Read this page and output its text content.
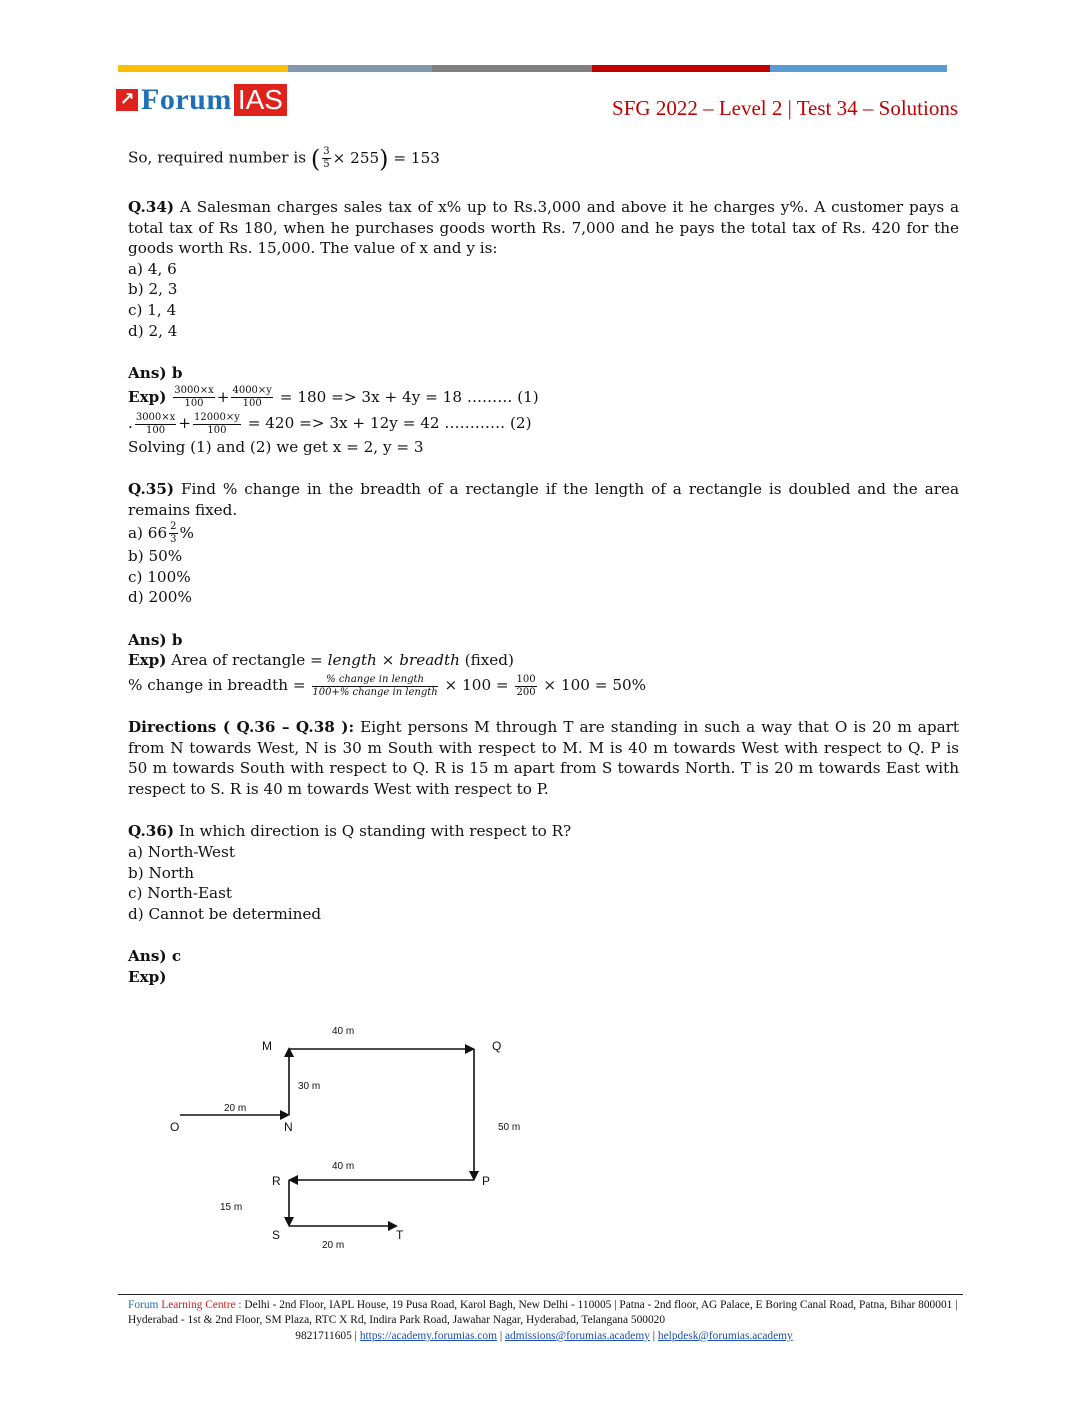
↗ Forum IAS	SFG 2022 – Level 2 | Test 34 – Solutions

So, required number is ( $\frac{3}{5} \times 255) = 153$

Q.34) A Salesman charges sales tax of x% up to Rs.3,000 and above it he charges y%. A customer pays a total tax of Rs 180, when he purchases goods worth Rs. 7,000 and he pays the total tax of Rs. 420 for the goods worth Rs. 15,000. The value of x and y is:

a) 4, 6

b) 2, 3

c) 1, 4

d) 2, 4

Ans) b

$Exp) \frac{3000\times x}{100} + \frac{4000\times y}{100} = 180 => 3x + 4y = 18$ ……… (1)

. $\frac{3000\times x}{100} + \frac{12000\times y}{100} = 420 => 3x + 12y = 42$ ………… (2)

Solving (1) and (2) we get x = 2, y = 3

Q.35) Find % change in the breadth of a rectangle if the length of a rectangle is doubled and the area remains fixed.

a) $66 \frac{2}{3}$ %

b) 50%

c) 100%

d) 200%

Ans) b

Exp) Area of rectangle = length × breadth (fixed)

% change in breadth = $\frac{\text{\% change in length}}{\text{100+\% change in length}} \times 100 = \frac{100}{200} \times 100 = 50\%$

Directions ( Q.36 – Q.38 ): Eight persons M through T are standing in such a way that O is 20 m apart from N towards West, N is 30 m South with respect to M. M is 40 m towards West with respect to Q. P is 50 m towards South with respect to Q. R is 15 m apart from S towards North. T is 20 m towards East with respect to S. R is 40 m towards West with respect to P.

Q.36) In which direction is Q standing with respect to R?

a) North-West

b) North

c) North-East

d) Cannot be determined

Ans) c

Exp)

O	N
M	Q
P
R
S	T
20 m
30 m
40 m
50 m
40 m
15 m
20 m
Forum Learning Centre : Delhi - 2nd Floor, IAPL House, 19 Pusa Road, Karol Bagh, New Delhi - 110005 | Patna - 2nd floor, AG Palace, E Boring Canal Road, Patna, Bihar 800001 | Hyderabad - 1st & 2nd Floor, SM Plaza, RTC X Rd, Indira Park Road, Jawahar Nagar, Hyderabad, Telangana 500020
9821711605 | https://academy.forumias.com | admissions@forumias.academy | helpdesk@forumias.academy
